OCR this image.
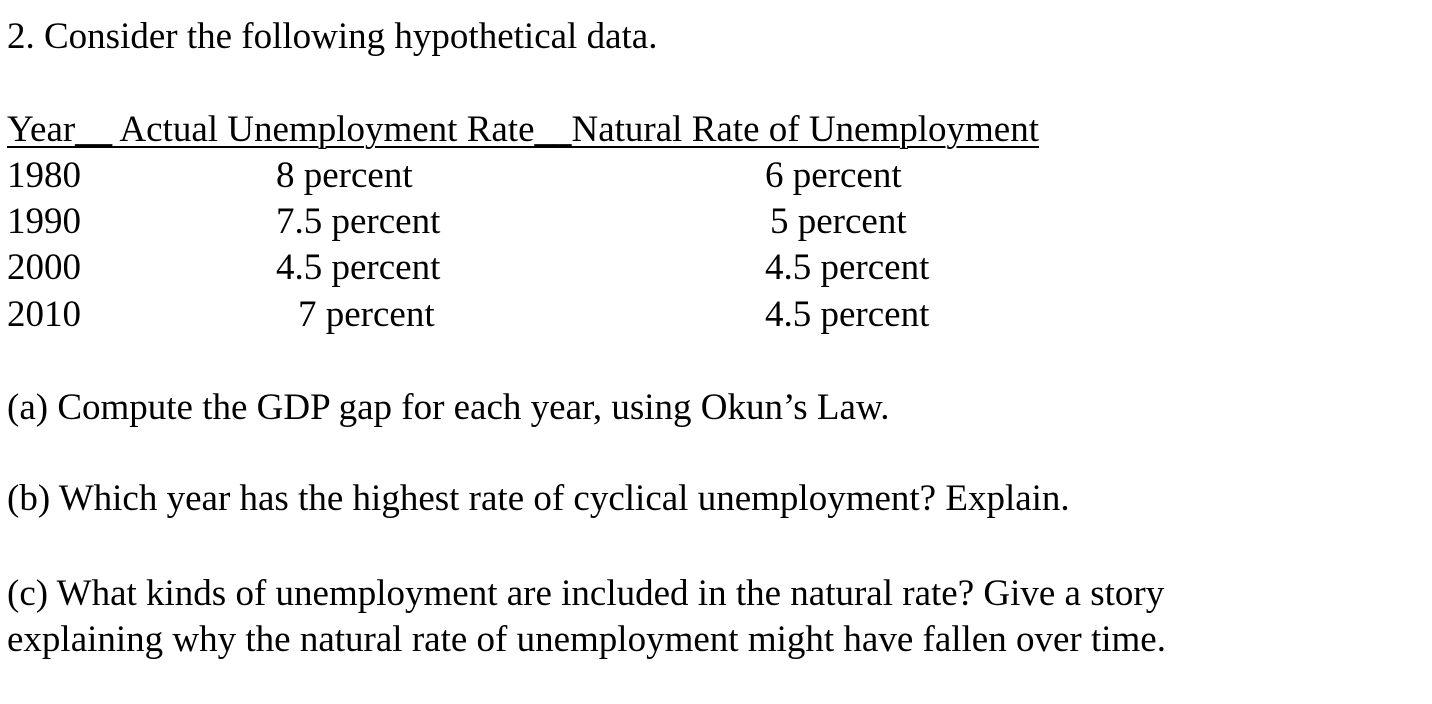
2. Consider the following hypothetical data.
Year__ Actual Unemployment Rate__Natural Rate of Unemployment
1980	8 percent	6 percent
1990	7.5 percent	5 percent
2000	4.5 percent	4.5 percent
2010	7 percent	4.5 percent
(a) Compute the GDP gap for each year, using Okun’s Law.
(b) Which year has the highest rate of cyclical unemployment? Explain.
(c) What kinds of unemployment are included in the natural rate? Give a story
explaining why the natural rate of unemployment might have fallen over time.
